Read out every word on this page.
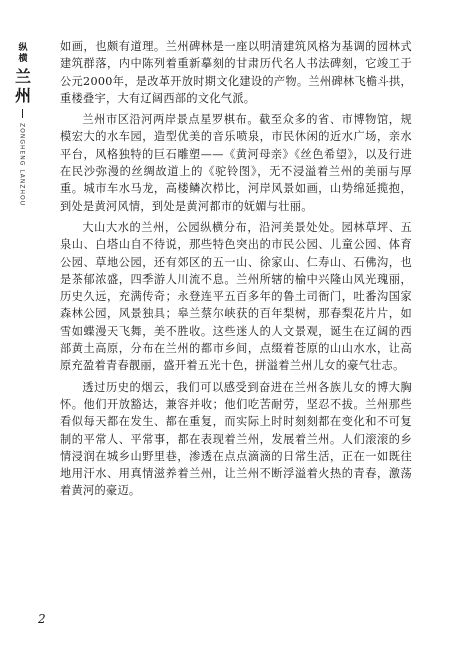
纵横
兰州
ZONGHENG LANZHOU

如画，也颇有道理。兰州碑林是一座以明清建筑风格为基调的园林式建筑群落，内中陈列着重新摹刻的甘肃历代名人书法碑刻，它竣工于公元2000年，是改革开放时期文化建设的产物。兰州碑林飞檐斗拱，重楼叠宇，大有辽阔西部的文化气派。

兰州市区沿河两岸景点星罗棋布。截至众多的省、市博物馆，规模宏大的水车园，造型优美的音乐喷泉，市民休闲的近水广场，亲水平台，风格独特的巨石雕塑——《黄河母亲》《丝色希望》，以及行进在民沙弥漫的丝绸故道上的《驼铃图》，无不浸溢着兰州的美丽与厚重。城市车水马龙，高楼鳞次栉比，河岸风景如画，山势绵延揽抱，到处是黄河风情，到处是黄河都市的妩媚与壮丽。

大山大水的兰州，公园纵横分布，沿河美景处处。园林草坪、五泉山、白塔山自不待说，那些特色突出的市民公园、儿童公园、体育公园、草地公园，还有郊区的五一山、徐家山、仁寿山、石佛沟，也是茶郁浓盛，四季游人川流不息。兰州所辖的榆中兴隆山风光瑰丽，历史久远，充满传奇；永登连平五百多年的鲁土司衙门，吐番沟国家森林公园，风景独具；皋兰蔡尔峡获的百年梨树，那春梨花片片，如雪如蝶漫天飞舞，美不胜收。这些迷人的人文景观，诞生在辽阔的西部黄土高原，分布在兰州的都市乡间，点缀着苍原的山山水水，让高原充盈着青春靓丽，盛开着五光十色，拼溢着兰州儿女的豪气壮志。

透过历史的烟云，我们可以感受到奋进在兰州各族儿女的博大胸怀。他们开放豁达，兼容并收；他们吃苦耐劳，坚忍不拔。兰州那些看似每天都在发生、都在重复，而实际上时时刻刻都在变化和不可复制的平常人、平常事，都在表现着兰州，发展着兰州。人们滚滚的乡情浸润在城乡山野里巷，渗透在点点滴滴的日常生活，正在一如既往地用汗水、用真情滋养着兰州，让兰州不断浮溢着火热的青春，激荡着黄河的豪迈。

2
